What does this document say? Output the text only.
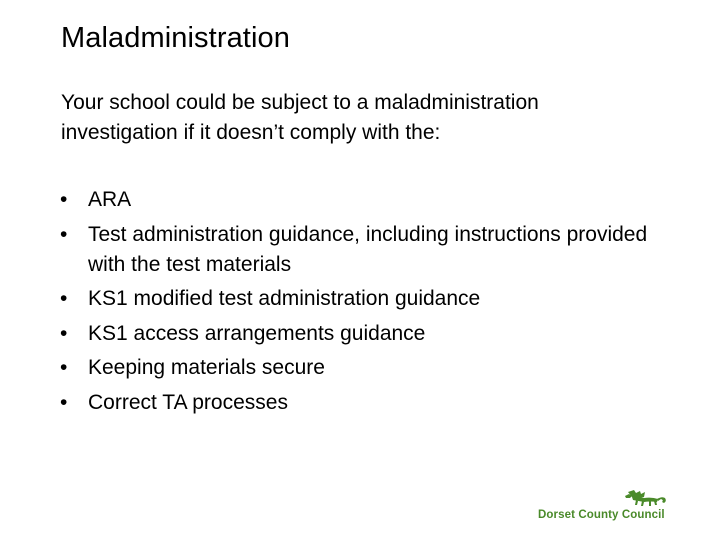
Maladministration

Your school could be subject to a maladministration investigation if it doesn’t comply with the:

• ARA
• Test administration guidance, including instructions provided with the test materials
• KS1 modified test administration guidance
• KS1 access arrangements guidance
• Keeping materials secure
• Correct TA processes
Dorset County Council
